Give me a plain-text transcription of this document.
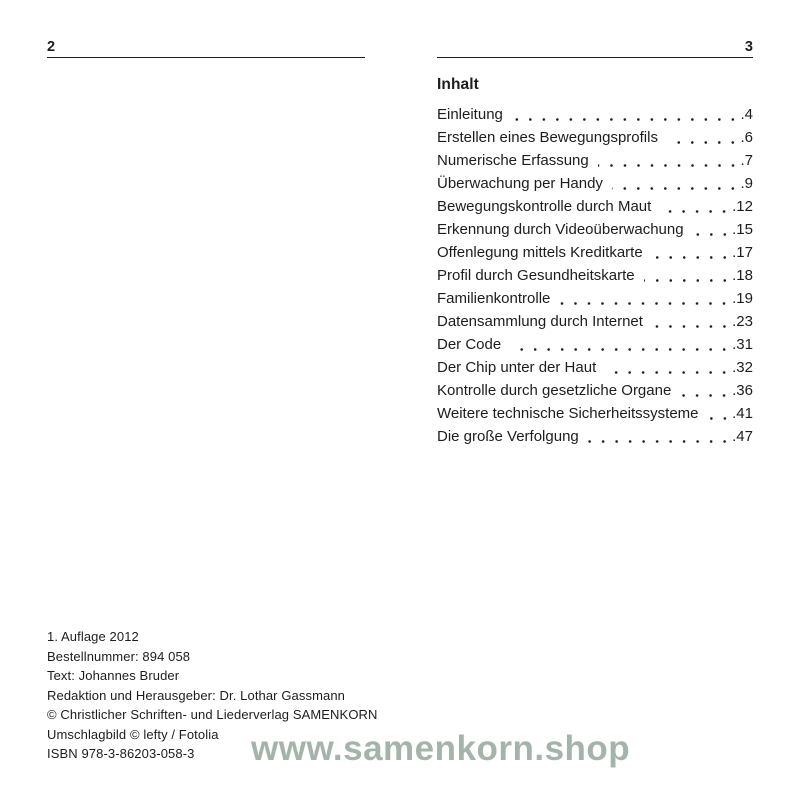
2	3
Inhalt
Einleitung	.4
Erstellen eines Bewegungsprofils	.6
Numerische Erfassung	.7
Überwachung per Handy	.9
Bewegungskontrolle durch Maut	.12
Erkennung durch Videoüberwachung	.15
Offenlegung mittels Kreditkarte	.17
Profil durch Gesundheitskarte	.18
Familienkontrolle	.19
Datensammlung durch Internet	.23
Der Code	.31
Der Chip unter der Haut	.32
Kontrolle durch gesetzliche Organe	.36
Weitere technische Sicherheitssysteme .41
Die große Verfolgung	.47
1. Auflage 2012
Bestellnummer: 894 058
Text: Johannes Bruder
Redaktion und Herausgeber: Dr. Lothar Gassmann
© Christlicher Schriften- und Liederverlag SAMENKORN
Umschlagbild © lefty / Fotolia
ISBN 978-3-86203-058-3	www.samenkorn.shop
